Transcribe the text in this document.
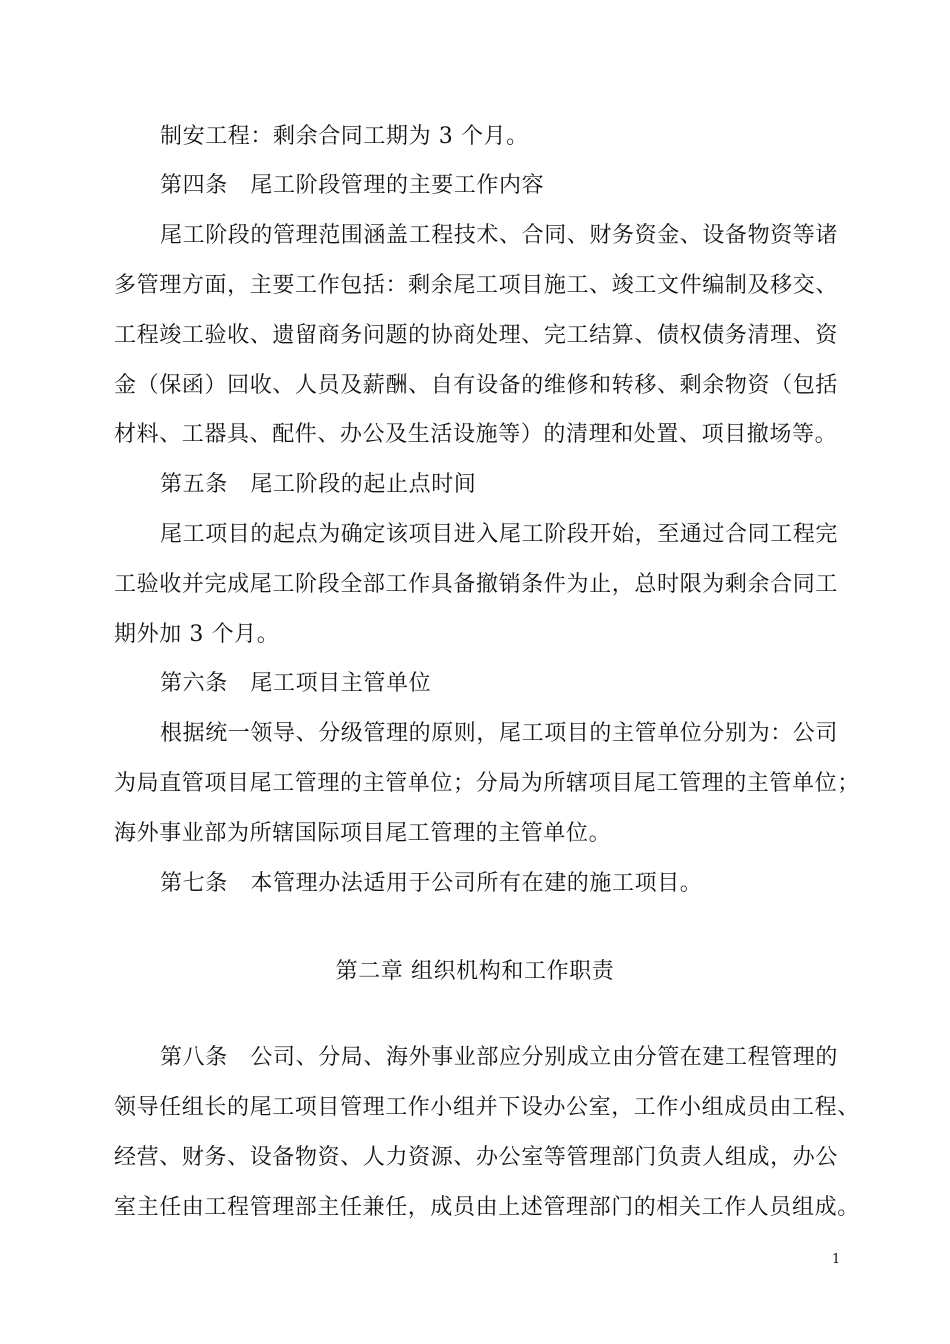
制安工程：剩余合同工期为 3 个月。
第四条　尾工阶段管理的主要工作内容
尾工阶段的管理范围涵盖工程技术、合同、财务资金、设备物资等诸
多管理方面，主要工作包括：剩余尾工项目施工、竣工文件编制及移交、
工程竣工验收、遗留商务问题的协商处理、完工结算、债权债务清理、资
金（保函）回收、人员及薪酬、自有设备的维修和转移、剩余物资（包括
材料、工器具、配件、办公及生活设施等）的清理和处置、项目撤场等。
第五条　尾工阶段的起止点时间
尾工项目的起点为确定该项目进入尾工阶段开始，至通过合同工程完
工验收并完成尾工阶段全部工作具备撤销条件为止，总时限为剩余合同工
期外加 3 个月。
第六条　尾工项目主管单位
根据统一领导、分级管理的原则，尾工项目的主管单位分别为：公司
为局直管项目尾工管理的主管单位；分局为所辖项目尾工管理的主管单位；
海外事业部为所辖国际项目尾工管理的主管单位。
第七条　本管理办法适用于公司所有在建的施工项目。
第二章 组织机构和工作职责
第八条　公司、分局、海外事业部应分别成立由分管在建工程管理的
领导任组长的尾工项目管理工作小组并下设办公室，工作小组成员由工程、
经营、财务、设备物资、人力资源、办公室等管理部门负责人组成，办公
室主任由工程管理部主任兼任，成员由上述管理部门的相关工作人员组成。
1
